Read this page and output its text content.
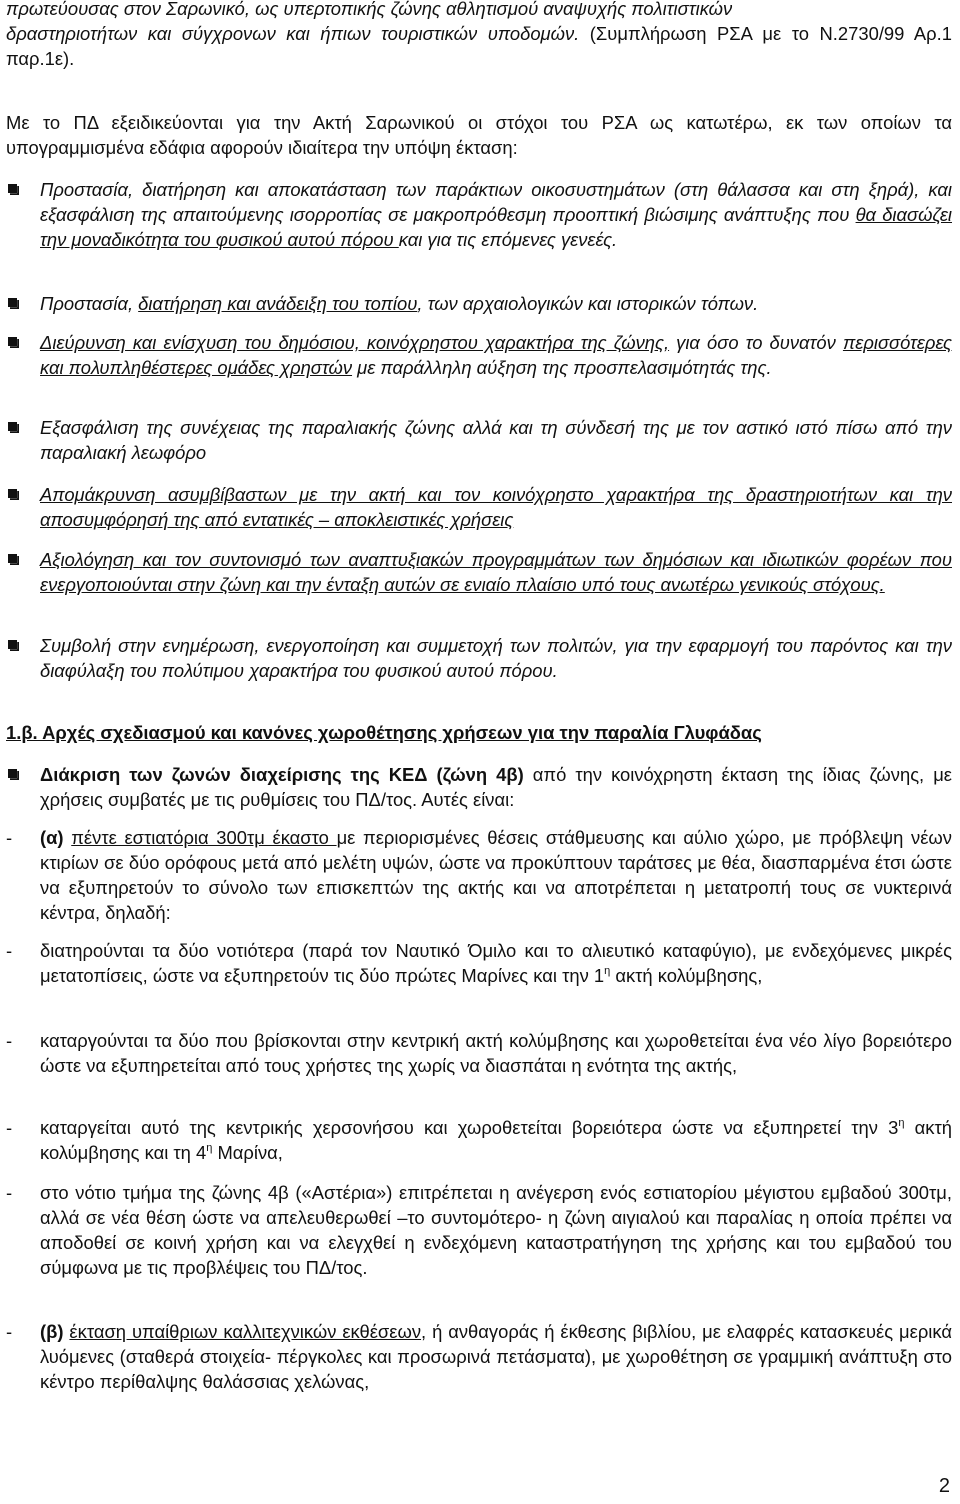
πρωτεύουσας στον Σαρωνικό, ως υπερτοπικής ζώνης αθλητισμού αναψυχής πολιτιστικών

δραστηριοτήτων και σύγχρονων και ήπιων τουριστικών υποδομών. (Συμπλήρωση ΡΣΑ με το Ν.2730/99 Αρ.1 παρ.1ε).

Με το ΠΔ εξειδικεύονται για την Ακτή Σαρωνικού οι στόχοι του ΡΣΑ ως κατωτέρω, εκ των οποίων τα υπογραμμισμένα εδάφια αφορούν ιδιαίτερα την υπόψη έκταση:

Προστασία, διατήρηση και αποκατάσταση των παράκτιων οικοσυστημάτων (στη θάλασσα και στη ξηρά), και εξασφάλιση της απαιτούμενης ισορροπίας σε μακροπρόθεσμη προοπτική βιώσιμης ανάπτυξης που θα διασώζει την μοναδικότητα του φυσικού αυτού πόρου και για τις επόμενες γενεές.
Προστασία, διατήρηση και ανάδειξη του τοπίου, των αρχαιολογικών και ιστορικών τόπων.
Διεύρυνση και ενίσχυση του δημόσιου, κοινόχρηστου χαρακτήρα της ζώνης, για όσο το δυνατόν περισσότερες και πολυπληθέστερες ομάδες χρηστών με παράλληλη αύξηση της προσπελασιμότητάς της.
Εξασφάλιση της συνέχειας της παραλιακής ζώνης αλλά και τη σύνδεσή της με τον αστικό ιστό πίσω από την παραλιακή λεωφόρο
Απομάκρυνση ασυμβίβαστων με την ακτή και τον κοινόχρηστο χαρακτήρα της δραστηριοτήτων και την αποσυμφόρησή της από εντατικές – αποκλειστικές χρήσεις
Αξιολόγηση και τον συντονισμό των αναπτυξιακών προγραμμάτων των δημόσιων και ιδιωτικών φορέων που ενεργοποιούνται στην ζώνη και την ένταξη αυτών σε ενιαίο πλαίσιο υπό τους ανωτέρω γενικούς στόχους.
Συμβολή στην ενημέρωση, ενεργοποίηση και συμμετοχή των πολιτών, για την εφαρμογή του παρόντος και την διαφύλαξη του πολύτιμου χαρακτήρα του φυσικού αυτού πόρου.
1.β. Αρχές σχεδιασμού και κανόνες χωροθέτησης χρήσεων για την παραλία Γλυφάδας
Διάκριση των ζωνών διαχείρισης της ΚΕΔ (ζώνη 4β) από την κοινόχρηστη έκταση της ίδιας ζώνης, με χρήσεις συμβατές με τις ρυθμίσεις του ΠΔ/τος. Αυτές είναι:
- (α) πέντε εστιατόρια 300τμ έκαστο με περιορισμένες θέσεις στάθμευσης και αύλιο χώρο, με πρόβλεψη νέων κτιρίων σε δύο ορόφους μετά από μελέτη υψών, ώστε να προκύπτουν ταράτσες με θέα, διασπαρμένα έτσι ώστε να εξυπηρετούν το σύνολο των επισκεπτών της ακτής και να αποτρέπεται η μετατροπή τους σε νυκτερινά κέντρα, δηλαδή:
- διατηρούνται τα δύο νοτιότερα (παρά τον Ναυτικό Όμιλο και το αλιευτικό καταφύγιο), με ενδεχόμενες μικρές μετατοπίσεις, ώστε να εξυπηρετούν τις δύο πρώτες Μαρίνες και την $1^\eta$ ακτή κολύμβησης,
- καταργούνται τα δύο που βρίσκονται στην κεντρική ακτή κολύμβησης και χωροθετείται ένα νέο λίγο βορειότερο ώστε να εξυπηρετείται από τους χρήστες της χωρίς να διασπάται η ενότητα της ακτής,
- καταργείται αυτό της κεντρικής χερσονήσου και χωροθετείται βορειότερα ώστε να εξυπηρετεί την $3^\eta$ ακτή κολύμβησης και τη $4^\eta$ Μαρίνα,
- στο νότιο τμήμα της ζώνης 4β («Αστέρια») επιτρέπεται η ανέγερση ενός εστιατορίου μέγιστου εμβαδού 300τμ, αλλά σε νέα θέση ώστε να απελευθερωθεί –το συντομότερο- η ζώνη αιγιαλού και παραλίας η οποία πρέπει να αποδοθεί σε κοινή χρήση και να ελεγχθεί η ενδεχόμενη καταστρατήγηση της χρήσης και του εμβαδού του σύμφωνα με τις προβλέψεις του ΠΔ/τος.
- (β) έκταση υπαίθριων καλλιτεχνικών εκθέσεων, ή ανθαγοράς ή έκθεσης βιβλίου, με ελαφρές κατασκευές μερικά λυόμενες (σταθερά στοιχεία- πέργκολες και προσωρινά πετάσματα), με χωροθέτηση σε γραμμική ανάπτυξη στο κέντρο περίθαλψης θαλάσσιας χελώνας,
2
